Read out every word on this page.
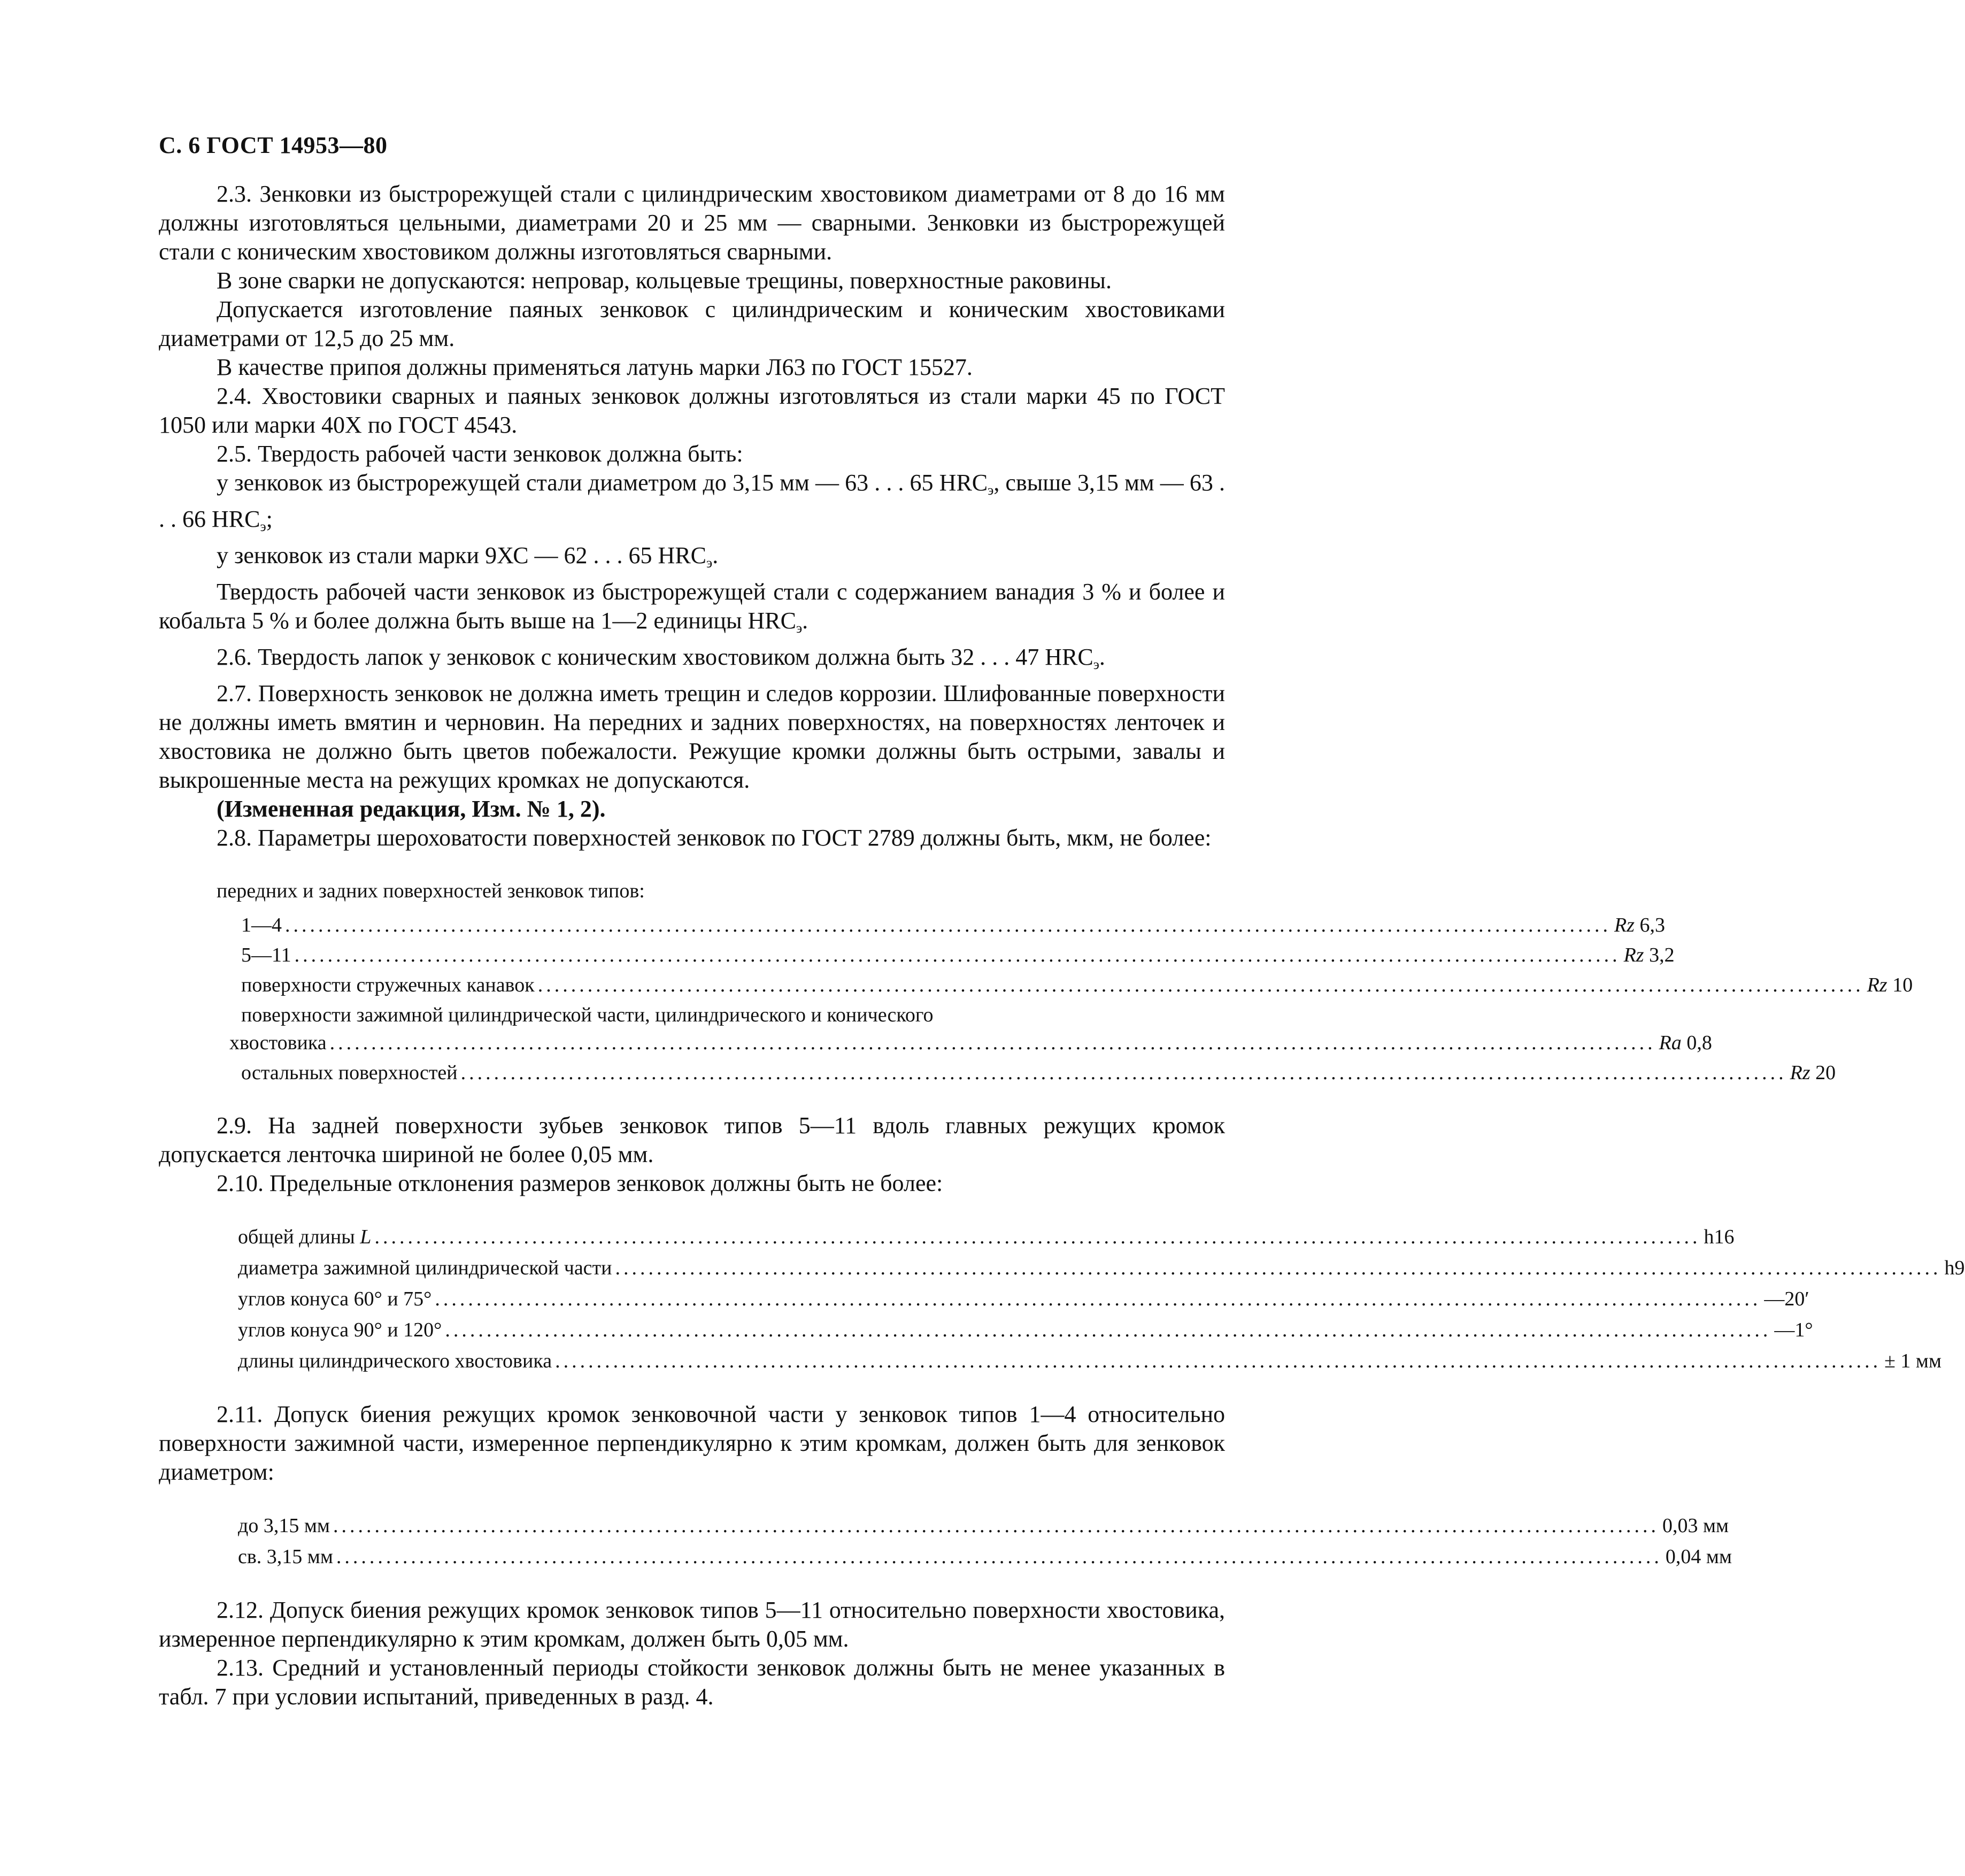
С. 6 ГОСТ 14953—80

2.3. Зенковки из быстрорежущей стали с цилиндрическим хвостовиком диаметрами от 8 до 16 мм должны изготовляться цельными, диаметрами 20 и 25 мм — сварными. Зенковки из быстрорежущей стали с коническим хвостовиком должны изготовляться сварными.

В зоне сварки не допускаются: непровар, кольцевые трещины, поверхностные раковины.

Допускается изготовление паяных зенковок с цилиндрическим и коническим хвостовиками диаметрами от 12,5 до 25 мм.

В качестве припоя должны применяться латунь марки Л63 по ГОСТ 15527.

2.4. Хвостовики сварных и паяных зенковок должны изготовляться из стали марки 45 по ГОСТ 1050 или марки 40Х по ГОСТ 4543.

2.5. Твердость рабочей части зенковок должна быть:

у зенковок из быстрорежущей стали диаметром до 3,15 мм — 63 . . . 65 $HRC_э$, свыше 3,15 мм — 63 . . . 66 $HRC_э$;

у зенковок из стали марки 9ХС — 62 . . . 65 $HRC_э$.

Твердость рабочей части зенковок из быстрорежущей стали с содержанием ванадия 3 % и более и кобальта 5 % и более должна быть выше на 1—2 единицы $HRC_э$.

2.6. Твердость лапок у зенковок с коническим хвостовиком должна быть 32 . . . 47 $HRC_э$.

2.7. Поверхность зенковок не должна иметь трещин и следов коррозии. Шлифованные поверхности не должны иметь вмятин и черновин. На передних и задних поверхностях, на поверхностях ленточек и хвостовика не должно быть цветов побежалости. Режущие кромки должны быть острыми, завалы и выкрошенные места на режущих кромках не допускаются.

(Измененная редакция, Изм. № 1, 2).

2.8. Параметры шероховатости поверхностей зенковок по ГОСТ 2789 должны быть, мкм, не более:

передних и задних поверхностей зенковок типов:
1—4 ................................................................................................................................................................ Rz 6,3
5—11 ................................................................................................................................................................ Rz 3,2
поверхности стружечных канавок ................................................................................................................................................................ Rz 10
поверхности зажимной цилиндрической части, цилиндрического и конического
хвостовика ................................................................................................................................................................ Ra 0,8
остальных поверхностей ................................................................................................................................................................ Rz 20

2.9. На задней поверхности зубьев зенковок типов 5—11 вдоль главных режущих кромок допускается ленточка шириной не более 0,05 мм.

2.10. Предельные отклонения размеров зенковок должны быть не более:

общей длины L ................................................................................................................................................................ h16
диаметра зажимной цилиндрической части ................................................................................................................................................................ h9
углов конуса 60° и 75° ................................................................................................................................................................ —20′
углов конуса 90° и 120° ................................................................................................................................................................ —1°
длины цилиндрического хвостовика ................................................................................................................................................................ ± 1 мм

2.11. Допуск биения режущих кромок зенковочной части у зенковок типов 1—4 относительно поверхности зажимной части, измеренное перпендикулярно к этим кромкам, должен быть для зенковок диаметром:

до 3,15 мм ................................................................................................................................................................ 0,03 мм
св. 3,15 мм ................................................................................................................................................................ 0,04 мм

2.12. Допуск биения режущих кромок зенковок типов 5—11 относительно поверхности хвостовика, измеренное перпендикулярно к этим кромкам, должен быть 0,05 мм.

2.13. Средний и установленный периоды стойкости зенковок должны быть не менее указанных в табл. 7 при условии испытаний, приведенных в разд. 4.
